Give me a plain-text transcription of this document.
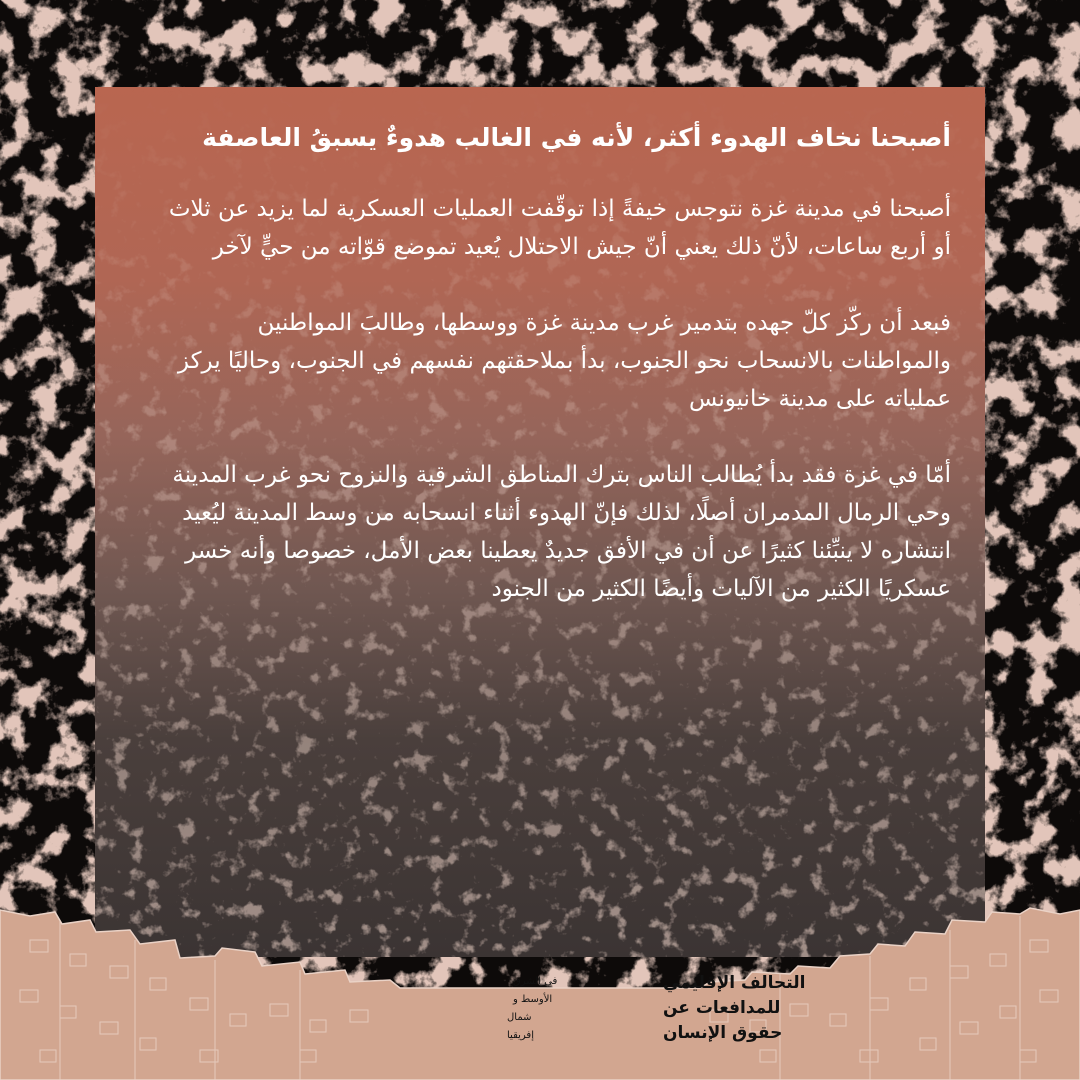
أصبحنا نخاف الهدوء أكثر، لأنه في الغالب هدوءٌ يسبقُ العاصفة

أصبحنا في مدينة غزة نتوجس خيفةً إذا توقّفت العمليات العسكرية لما يزيد عن ثلاث أو أربع ساعات، لأنّ ذلك يعني أنّ جيش الاحتلال يُعيد تموضع قوّاته من حيٍّ لآخر

فبعد أن ركّز كلّ جهده بتدمير غرب مدينة غزة ووسطها، وطالبَ المواطنين والمواطنات بالانسحاب نحو الجنوب، بدأ بملاحقتهم نفسهم في الجنوب، وحاليًا يركز عملياته على مدينة خانيونس

أمّا في غزة فقد بدأ يُطالب الناس بترك المناطق الشرقية والنزوح نحو غرب المدينة وحي الرمال المدمران أصلًا، لذلك فإنّ الهدوء أثناء انسحابه من وسط المدينة ليُعيد انتشاره لا ينبِّئنا كثيرًا عن أن في الأفق جديدٌ يعطينا بعض الأمل، خصوصا وأنه خسر عسكريًا الكثير من الآليات وأيضًا الكثير من الجنود

التحالف الإقليمي
للمدافعات عن
حقوق الإنسان
في الشرق
الأوسط و
شمال
إفريقيا
